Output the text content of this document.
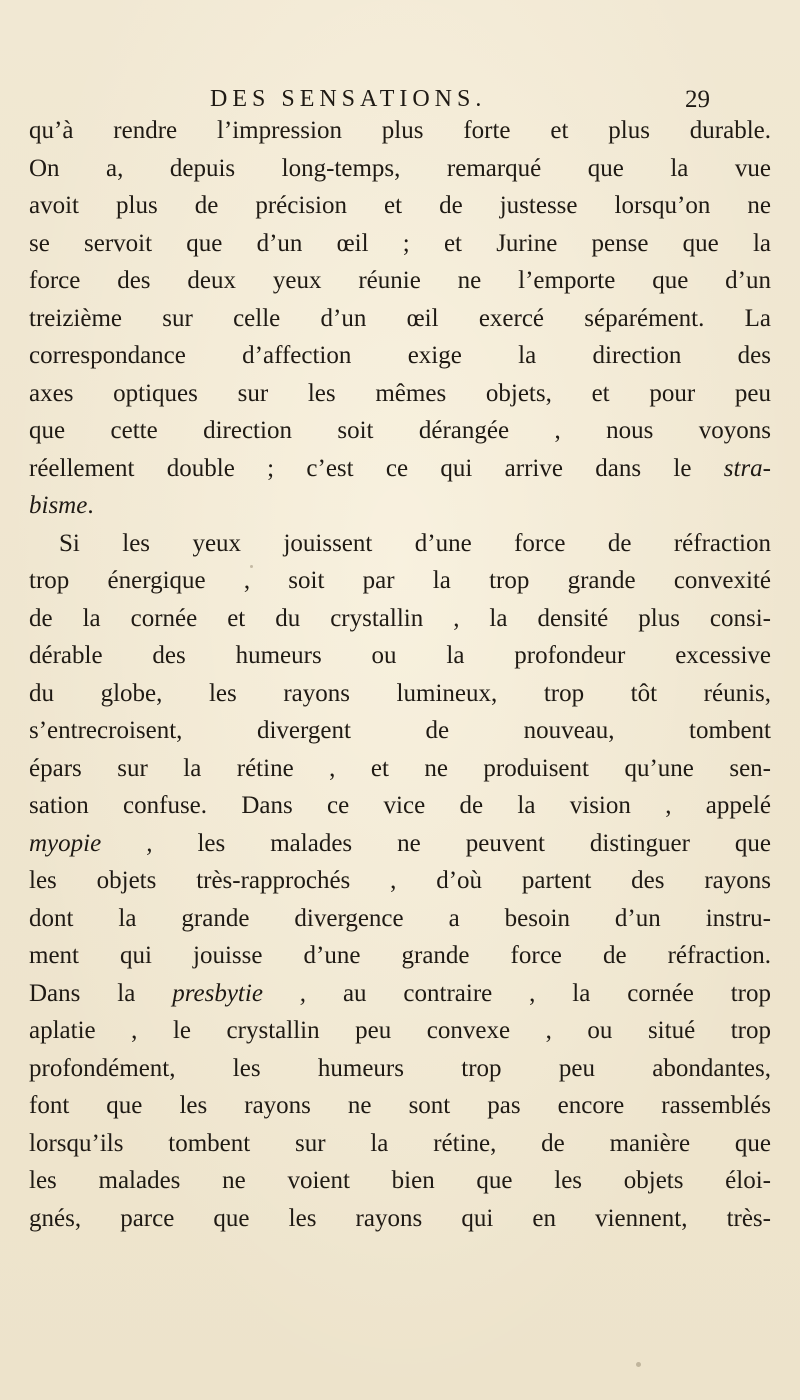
DES SENSATIONS.	29
qu’à rendre l’impression plus forte et plus durable.
On a, depuis long-temps, remarqué que la vue
avoit plus de précision et de justesse lorsqu’on ne
se servoit que d’un œil ; et Jurine pense que la
force des deux yeux réunie ne l’emporte que d’un
treizième sur celle d’un œil exercé séparément. La
correspondance d’affection exige la direction des
axes optiques sur les mêmes objets, et pour peu
que cette direction soit dérangée , nous voyons
réellement double ; c’est ce qui arrive dans le stra-
bisme.
Si les yeux jouissent d’une force de réfraction
trop énergique , soit par la trop grande convexité
de la cornée et du crystallin , la densité plus consi-
dérable des humeurs ou la profondeur excessive
du globe, les rayons lumineux, trop tôt réunis,
s’entrecroisent, divergent de nouveau, tombent
épars sur la rétine , et ne produisent qu’une sen-
sation confuse. Dans ce vice de la vision , appelé
myopie , les malades ne peuvent distinguer que
les objets très-rapprochés , d’où partent des rayons
dont la grande divergence a besoin d’un instru-
ment qui jouisse d’une grande force de réfraction.
Dans la presbytie , au contraire , la cornée trop
aplatie , le crystallin peu convexe , ou situé trop
profondément, les humeurs trop peu abondantes,
font que les rayons ne sont pas encore rassemblés
lorsqu’ils tombent sur la rétine, de manière que
les malades ne voient bien que les objets éloi-
gnés, parce que les rayons qui en viennent, très-
